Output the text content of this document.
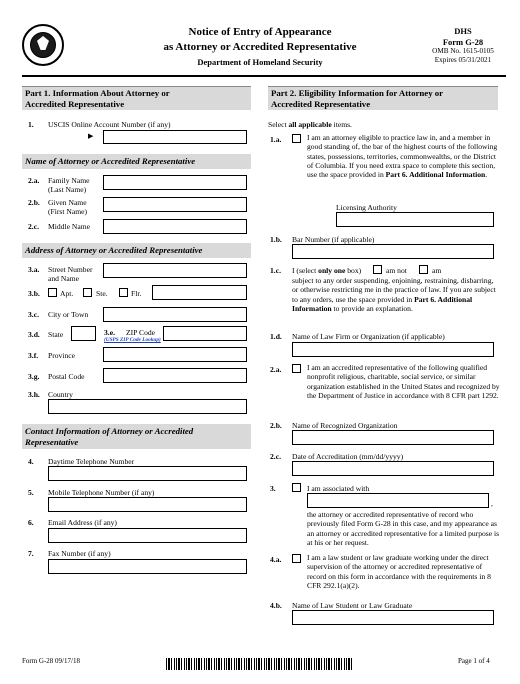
Notice of Entry of Appearance
as Attorney or Accredited Representative
Department of Homeland Security
DHS
Form G-28
OMB No. 1615-0105
Expires 05/31/2021
Part 1. Information About Attorney or
Accredited Representative
1. USCIS Online Account Number (if any)
▶
Name of Attorney or Accredited Representative
2.a. Family Name
(Last Name)
2.b. Given Name
(First Name)
2.c. Middle Name
Address of Attorney or Accredited Representative
3.a. Street Number
and Name
3.b.	Apt.	Ste.	Flr.
3.c. City or Town
3.d. State	3.e. ZIP Code
(USPS ZIP Code Lookup)
3.f. Province
3.g. Postal Code
3.h. Country
Contact Information of Attorney or Accredited
Representative
4. Daytime Telephone Number
5. Mobile Telephone Number (if any)
6. Email Address (if any)
7. Fax Number (if any)
Part 2. Eligibility Information for Attorney or
Accredited Representative
Select all applicable items.
1.a.	I am an attorney eligible to practice law in, and a member in good standing of, the bar of the highest courts of the following states, possessions, territories, commonwealths, or the District of Columbia. If you need extra space to complete this section, use the space provided in Part 6. Additional Information.
Licensing Authority
1.b. Bar Number (if applicable)
1.c. I (select only one box)	am not	am
subject to any order suspending, enjoining, restraining, disbarring, or otherwise restricting me in the practice of law. If you are subject to any orders, use the space provided in Part 6. Additional Information to provide an explanation.
1.d. Name of Law Firm or Organization (if applicable)
2.a.	I am an accredited representative of the following qualified nonprofit religious, charitable, social service, or similar organization established in the United States and recognized by the Department of Justice in accordance with 8 CFR part 1292.
2.b. Name of Recognized Organization
2.c. Date of Accreditation (mm/dd/yyyy)
3.	I am associated with
,
the attorney or accredited representative of record who previously filed Form G-28 in this case, and my appearance as an attorney or accredited representative for a limited purpose is at his or her request.
4.a.	I am a law student or law graduate working under the direct supervision of the attorney or accredited representative of record on this form in accordance with the requirements in 8 CFR 292.1(a)(2).
4.b. Name of Law Student or Law Graduate
Form G-28 09/17/18	Page 1 of 4
